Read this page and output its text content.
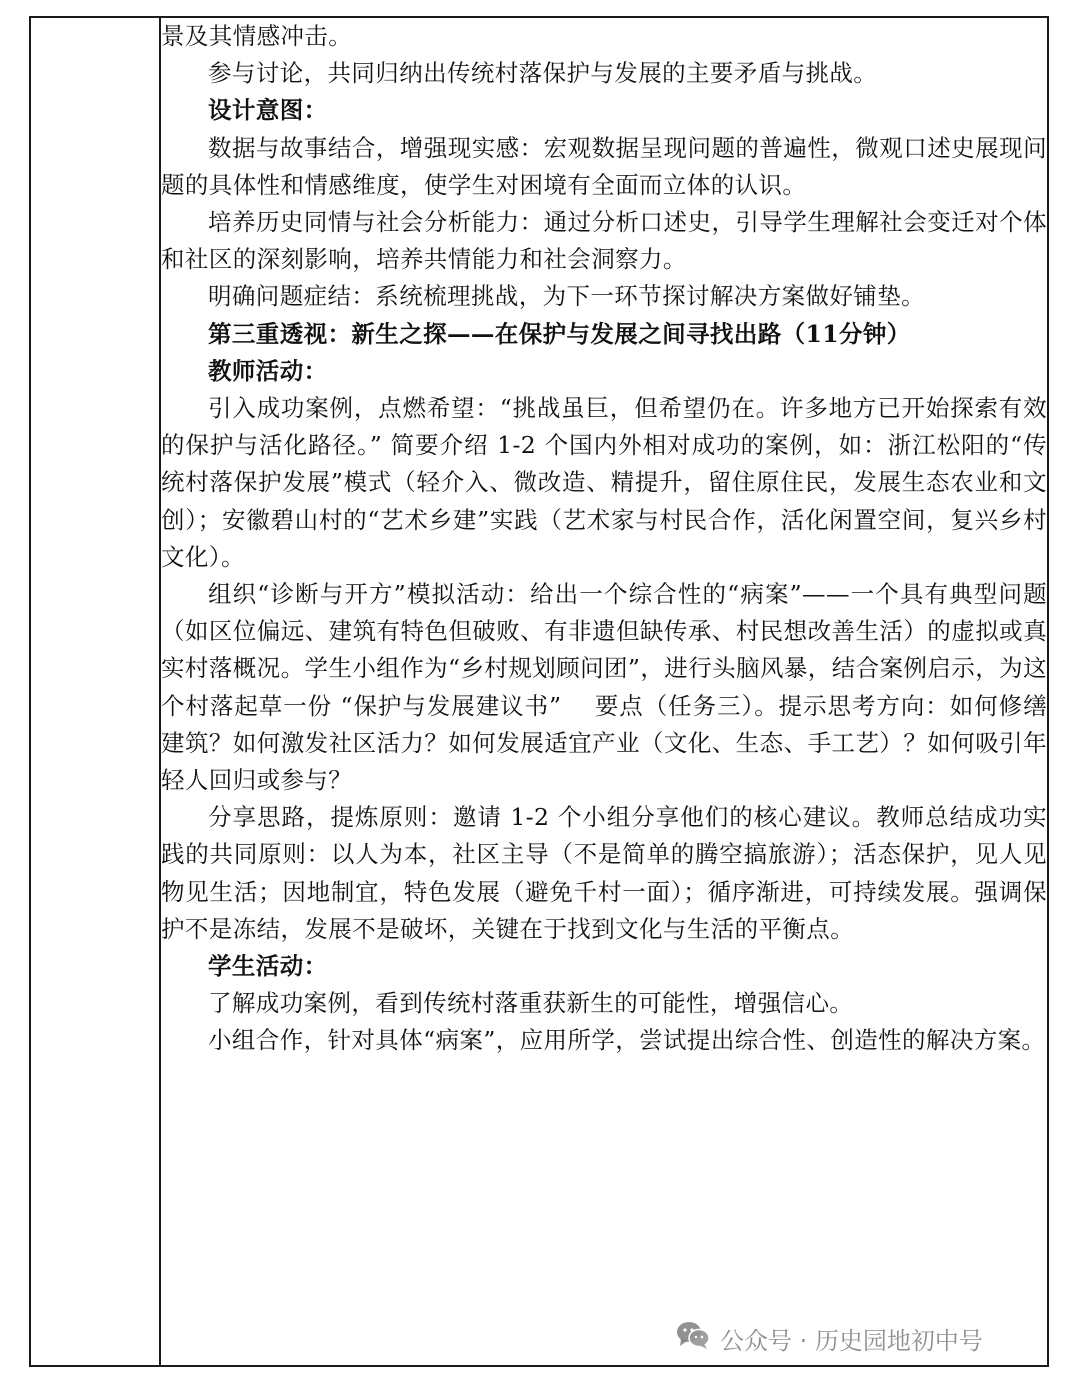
景及其情感冲击。

参与讨论，共同归纳出传统村落保护与发展的主要矛盾与挑战。

设计意图：

数据与故事结合，增强现实感：宏观数据呈现问题的普遍性，微观口述史展现问题的具体性和情感维度，使学生对困境有全面而立体的认识。

培养历史同情与社会分析能力：通过分析口述史，引导学生理解社会变迁对个体和社区的深刻影响，培养共情能力和社会洞察力。

明确问题症结：系统梳理挑战，为下一环节探讨解决方案做好铺垫。

第三重透视：新生之探——在保护与发展之间寻找出路（11分钟）

教师活动：

引入成功案例，点燃希望：“挑战虽巨，但希望仍在。许多地方已开始探索有效的保护与活化路径。” 简要介绍 1-2 个国内外相对成功的案例，如：浙江松阳的“传统村落保护发展”模式（轻介入、微改造、精提升，留住原住民，发展生态农业和文创）；安徽碧山村的“艺术乡建”实践（艺术家与村民合作，活化闲置空间，复兴乡村文化）。

组织“诊断与开方”模拟活动：给出一个综合性的“病案”——一个具有典型问题（如区位偏远、建筑有特色但破败、有非遗但缺传承、村民想改善生活）的虚拟或真实村落概况。学生小组作为“乡村规划顾问团”，进行头脑风暴，结合案例启示，为这个村落起草一份 “保护与发展建议书”　 要点（任务三）。提示思考方向：如何修缮建筑？如何激发社区活力？如何发展适宜产业（文化、生态、手工艺）？如何吸引年轻人回归或参与？

分享思路，提炼原则：邀请 1-2 个小组分享他们的核心建议。教师总结成功实践的共同原则：以人为本，社区主导（不是简单的腾空搞旅游）；活态保护，见人见物见生活；因地制宜，特色发展（避免千村一面）；循序渐进，可持续发展。强调保护不是冻结，发展不是破坏，关键在于找到文化与生活的平衡点。

学生活动：

了解成功案例，看到传统村落重获新生的可能性，增强信心。

小组合作，针对具体“病案”，应用所学，尝试提出综合性、创造性的解决方案。

公众号 · 历史园地初中号
